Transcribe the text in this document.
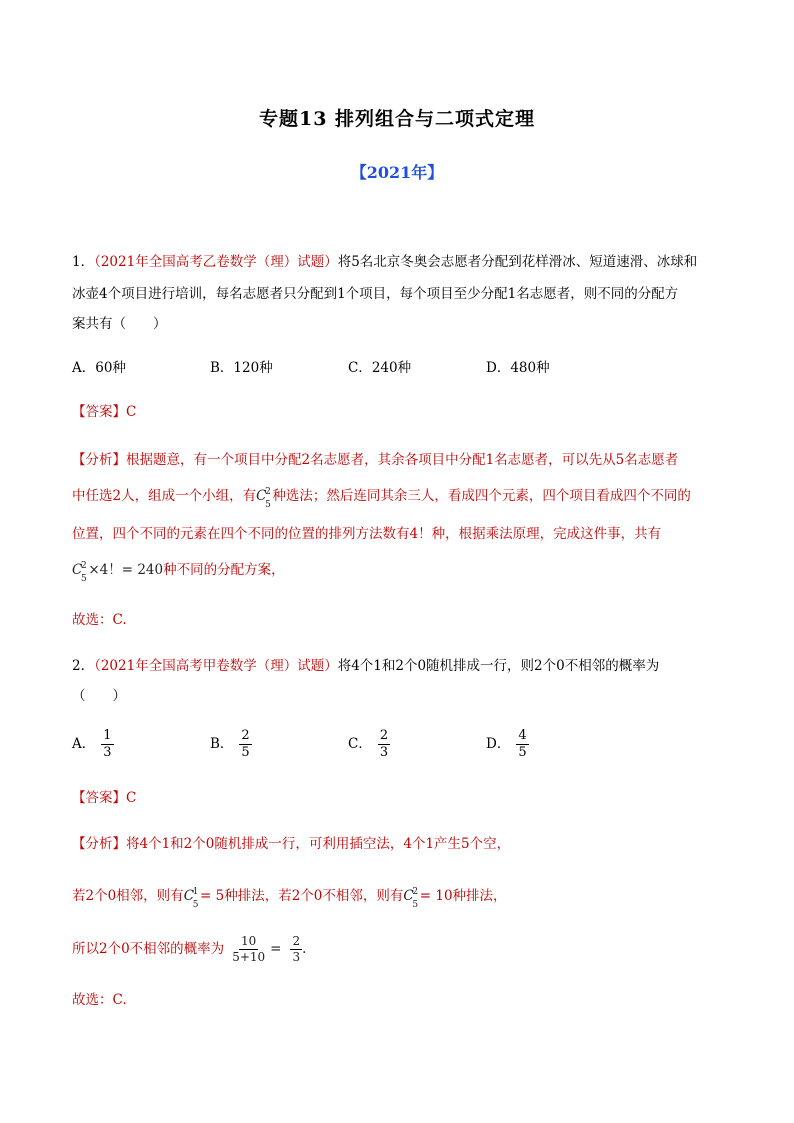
专题13 排列组合与二项式定理
【2021年】
1．（2021年全国高考乙卷数学（理）试题）将5名北京冬奥会志愿者分配到花样滑冰、短道速滑、冰球和
冰壶4个项目进行培训，每名志愿者只分配到1个项目，每个项目至少分配1名志愿者，则不同的分配方
案共有（　　）
A．60种	B．120种	C．240种	D．480种
【答案】C
【分析】根据题意，有一个项目中分配2名志愿者，其余各项目中分配1名志愿者，可以先从5名志愿者
中任选2人，组成一个小组，有C
2
5
种选法；然后连同其余三人，看成四个元素，四个项目看成四个不同的
位置，四个不同的元素在四个不同的位置的排列方法数有4！种，根据乘法原理，完成这件事，共有
C
2
5
×4！= 240种不同的分配方案，
故选：C.
2．（2021年全国高考甲卷数学（理）试题）将4个1和2个0随机排成一行，则2个0不相邻的概率为
（　　）
A． $\frac{1}{3}$	B． $\frac{2}{5}$	C． $\frac{2}{3}$	D． $\frac{4}{5}$
【答案】C
【分析】将4个1和2个0随机排成一行，可利用插空法，4个1产生5个空，
若2个0相邻，则有C
1
5
= 5种排法，若2个0不相邻，则有C
2
5
= 10种排法，
所以2个0不相邻的概率为 $\frac{10}{5+10} = \frac{2}{3}$ .
故选：C.
